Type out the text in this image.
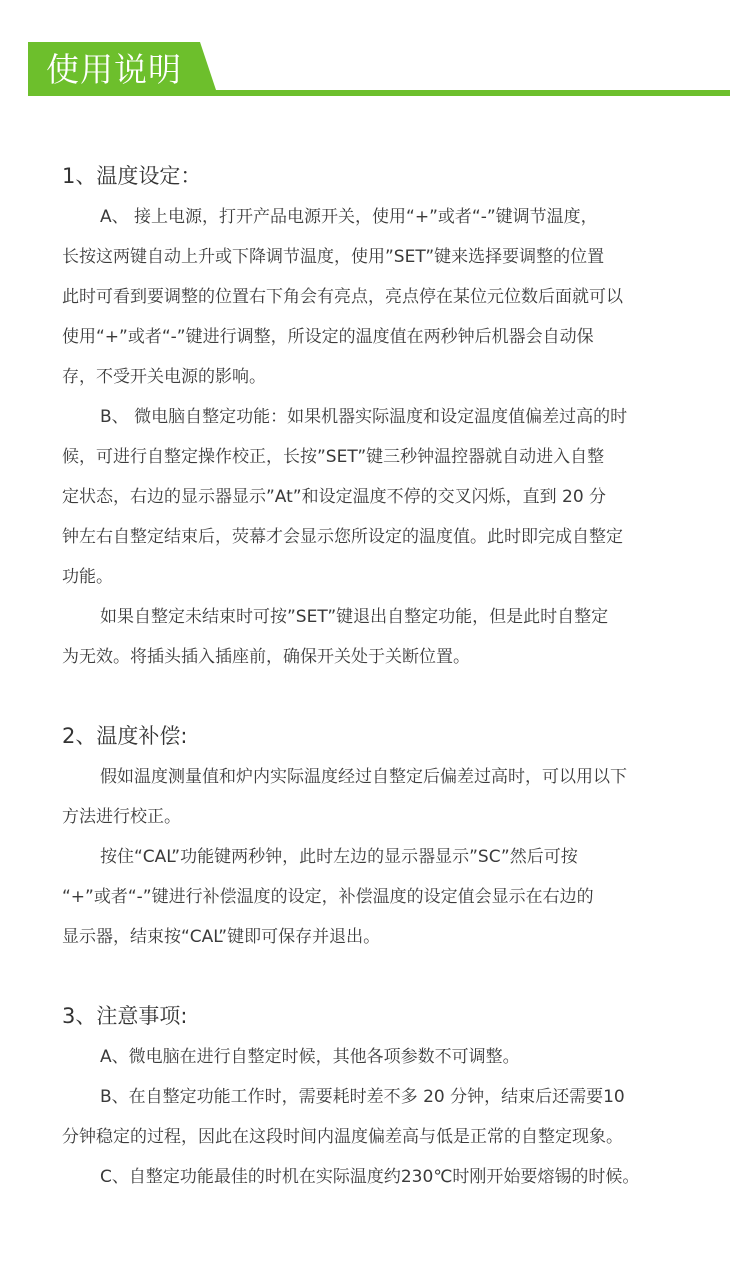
使用说明
1、温度设定：
A、 接上电源，打开产品电源开关，使用“+”或者“-”键调节温度，
长按这两键自动上升或下降调节温度，使用”SET”键来选择要调整的位置
此时可看到要调整的位置右下角会有亮点，亮点停在某位元位数后面就可以
使用“+”或者“-”键进行调整，所设定的温度值在两秒钟后机器会自动保
存，不受开关电源的影响。
B、 微电脑自整定功能：如果机器实际温度和设定温度值偏差过高的时
候，可进行自整定操作校正，长按”SET”键三秒钟温控器就自动进入自整
定状态，右边的显示器显示”At”和设定温度不停的交叉闪烁，直到 20 分
钟左右自整定结束后，荧幕才会显示您所设定的温度值。此时即完成自整定
功能。
如果自整定未结束时可按”SET”键退出自整定功能，但是此时自整定
为无效。将插头插入插座前，确保开关处于关断位置。
2、温度补偿:
假如温度测量值和炉内实际温度经过自整定后偏差过高时，可以用以下
方法进行校正。
按住“CAL”功能键两秒钟，此时左边的显示器显示”SC”然后可按
“+”或者“-”键进行补偿温度的设定，补偿温度的设定值会显示在右边的
显示器，结束按“CAL”键即可保存并退出。
3、注意事项:
A、微电脑在进行自整定时候，其他各项参数不可调整。
B、在自整定功能工作时，需要耗时差不多 20 分钟，结束后还需要10
分钟稳定的过程，因此在这段时间内温度偏差高与低是正常的自整定现象。
C、自整定功能最佳的时机在实际温度约230℃时刚开始要熔锡的时候。
